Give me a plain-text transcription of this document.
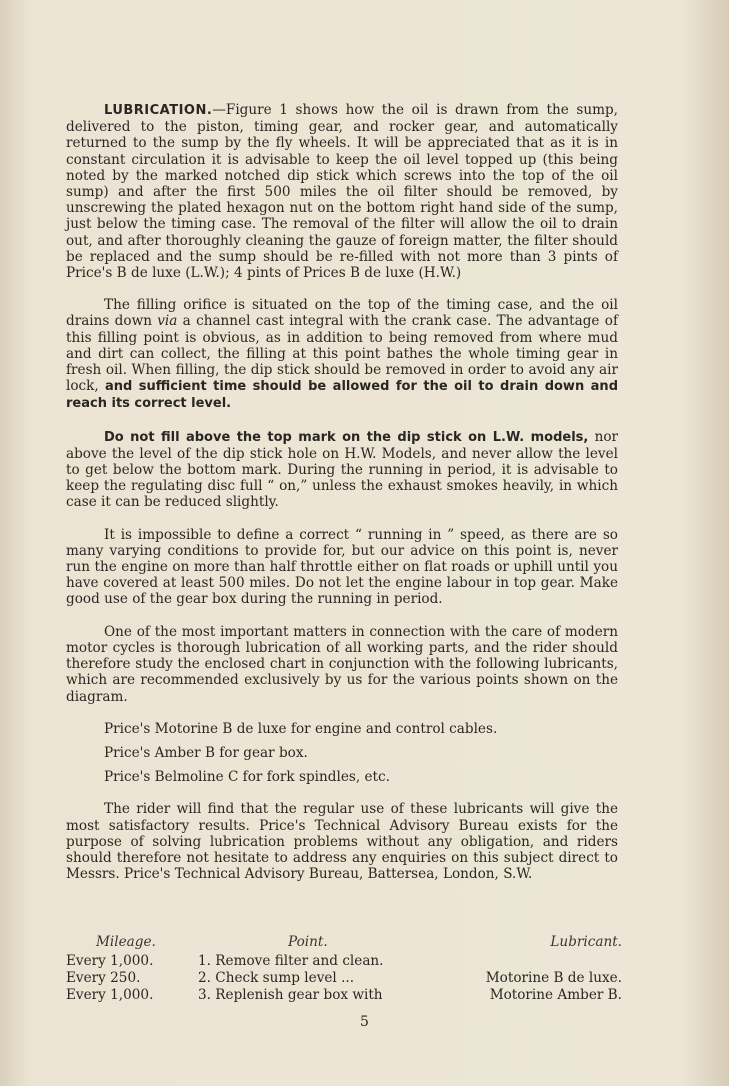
LUBRICATION.—Figure 1 shows how the oil is drawn from the sump, delivered to the piston, timing gear, and rocker gear, and automatically returned to the sump by the fly wheels. It will be appreciated that as it is in constant circulation it is advisable to keep the oil level topped up (this being noted by the marked notched dip stick which screws into the top of the oil sump) and after the first 500 miles the oil filter should be removed, by unscrewing the plated hexagon nut on the bottom right hand side of the sump, just below the timing case. The removal of the filter will allow the oil to drain out, and after thoroughly cleaning the gauze of foreign matter, the filter should be replaced and the sump should be re-filled with not more than 3 pints of Price's B de luxe (L.W.); 4 pints of Prices B de luxe (H.W.)

The filling orifice is situated on the top of the timing case, and the oil drains down via a channel cast integral with the crank case. The advantage of this filling point is obvious, as in addition to being removed from where mud and dirt can collect, the filling at this point bathes the whole timing gear in fresh oil. When filling, the dip stick should be removed in order to avoid any air lock, and sufficient time should be allowed for the oil to drain down and reach its correct level.

Do not fill above the top mark on the dip stick on L.W. models, nor above the level of the dip stick hole on H.W. Models, and never allow the level to get below the bottom mark. During the running in period, it is advisable to keep the regulating disc full “ on,” unless the exhaust smokes heavily, in which case it can be reduced slightly.

It is impossible to define a correct “ running in ” speed, as there are so many varying conditions to provide for, but our advice on this point is, never run the engine on more than half throttle either on flat roads or uphill until you have covered at least 500 miles. Do not let the engine labour in top gear. Make good use of the gear box during the running in period.

One of the most important matters in connection with the care of modern motor cycles is thorough lubrication of all working parts, and the rider should therefore study the enclosed chart in conjunction with the following lubricants, which are recommended exclusively by us for the various points shown on the diagram.

Price's Motorine B de luxe for engine and control cables.
Price's Amber B for gear box.
Price's Belmoline C for fork spindles, etc.

The rider will find that the regular use of these lubricants will give the most satisfactory results. Price's Technical Advisory Bureau exists for the purpose of solving lubrication problems without any obligation, and riders should therefore not hesitate to address any enquiries on this subject direct to Messrs. Price's Technical Advisory Bureau, Battersea, London, S.W.

Mileage.	Point.	Lubricant.
Every 1,000.	1. Remove filter and clean.
Every 250.	2. Check sump level ...	Motorine B de luxe.
Every 1,000.	3. Replenish gear box with	Motorine Amber B.
5
